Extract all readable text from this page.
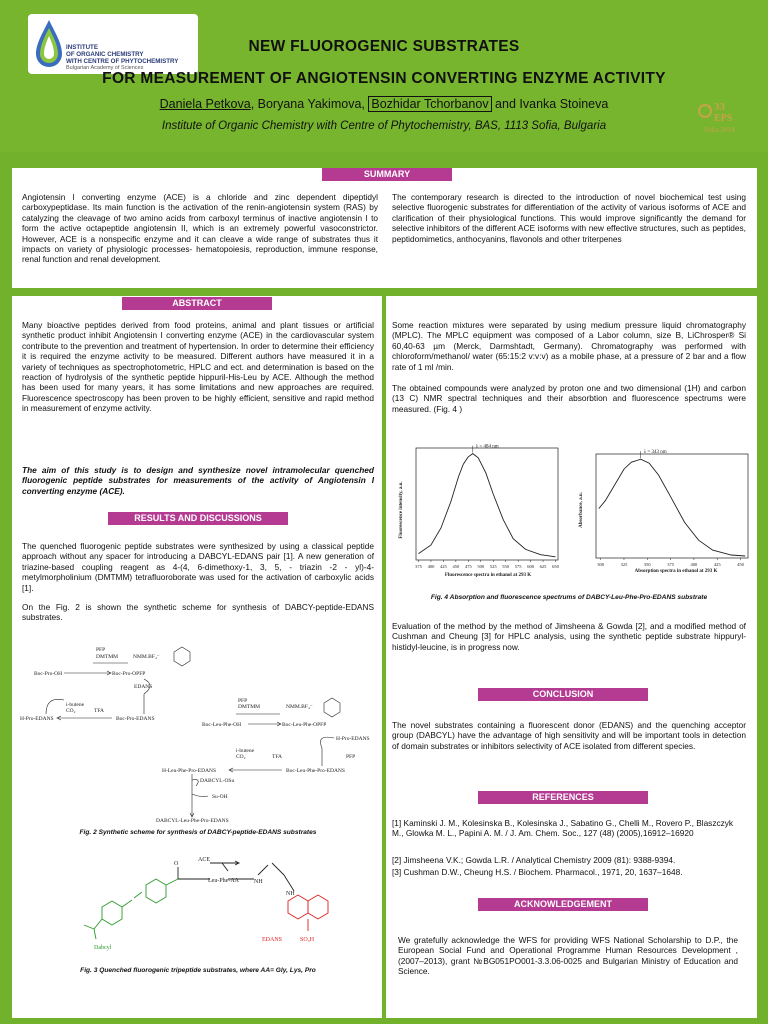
INSTITUTE
OF ORGANIC CHEMISTRY
WITH CENTRE OF PHYTOCHEMISTRY
Bulgarian Academy of Sciences
NEW FLUOROGENIC SUBSTRATES
FOR MEASUREMENT OF ANGIOTENSIN CONVERTING ENZYME ACTIVITY
Daniela Petkova, Boryana Yakimova, Bozhidar Tchorbanov and Ivanka Stoineva
Institute of Organic Chemistry with Centre of Phytochemistry, BAS, 1113 Sofia, Bulgaria
33
EPS
Sofia 2014
SUMMARY

Angiotensin I converting enzyme (ACE) is a chloride and zinc dependent dipeptidyl carboxypeptidase. Its main function is the activation of the renin-angiotensin system (RAS) by catalyzing the cleavage of two amino acids from carboxyl terminus of inactive angiotensin I to form the active octapeptide angiotensin II, which is an extremely powerful vasoconstrictor. However, ACE is a nonspecific enzyme and it can cleave a wide range of substrates thus it impacts on variety of physiologic processes- hematopoiesis, reproduction, immune response, renal function and renal development.

The contemporary research is directed to the introduction of novel biochemical test using selective fluorogenic substrates for differentiation of the activity of various isoforms of ACE and clarification of their physiological functions. This would improve significantly the demand for selective inhibitors of the different ACE isoforms with new effective structures, such as peptides, peptidomimetics, anthocyanins, flavonols and other triterpenes

ABSTRACT

Many bioactive peptides derived from food proteins, animal and plant tissues or artificial synthetic product inhibit Angiotensin I converting enzyme (ACE) in the cardiovascular system contribute to the prevention and treatment of hypertension. In order to determine their efficiency it is required the enzyme activity to be measured. Different authors have measured it in a variety of techniques as spectrophotometric, HPLC and ect. and determination is based on the reaction of hydrolysis of the synthetic peptide hippuril-His-Leu by ACE. Although the method has been used for many years, it has some limitations and new approaches are required. Fluorescence spectroscopy has been proven to be highly efficient, sensitive and rapid method in measurement of enzyme activity.

The aim of this study is to design and synthesize novel intramolecular quenched fluorogenic peptide substrates for measurements of the activity of Angiotensin I converting enzyme (ACE).

RESULTS AND DISCUSSIONS

The quenched fluorogenic peptide substrates were synthesized by using a classical peptide approach without any spacer for introducing a DABCYL-EDANS pair [1]. A new generation of triazine-based coupling reagent as 4-(4, 6-dimethoxy-1, 3, 5, - triazin -2 - yl)-4-metylmorpholinium (DMTMM) tetrafluoroborate was used for the activation of carboxylic acids [1].

On the Fig. 2 is shown the synthetic scheme for synthesis of DABCY-peptide-EDANS substrates.

Boc-Pro-OH
PFP
DMTMM	NMM.BF₄⁻
Boc-Pro-OPFP
EDANS
i-butene
CO₂	TFA
H-Pro-EDANS	Boc-Pro-EDANS
PFP
DMTMM	NMM.BF₄⁻
Boc-Leu-Phe-OH	Boc-Leu-Phe-OPFP
H-Pro-EDANS
i-butene
CO₂	TFA	PFP
H-Leu-Phe-Pro-EDANS	Boc-Leu-Phe-Pro-EDANS
DABCYL-OSu
Su-OH
DABCYL-Leu-Phe-Pro-EDANS
Fig. 2 Synthetic scheme for synthesis of DABCY-peptide-EDANS substrates
O
ACE
Leu-Phe-AA	NH
NH
Dabcyl
EDANS	SO₃H
Fig. 3 Quenched fluorogenic tripeptide substrates, where AA= Gly, Lys, Pro

Some reaction mixtures were separated by using medium pressure liquid chromatography (MPLC). The MPLC equipment was composed of a Labor column, size B, LiChrosper® Si 60,40-63 µm (Merck, Darmshtadt, Germany). Chromatography was performed with chloroform/methanol/ water (65:15:2 v:v:v) as a mobile phase, at a pressure of 2 bar and a flow rate of 1 ml /min.

The obtained compounds were analyzed by proton one and two dimensional (1H) and carbon (13 C) NMR spectral techniques and their absorbtion and fluorescence spectrums were measured. (Fig. 4 )

375 400 425 450 475 500 525 550 575 600 625 650
λ = 484 nm
Fluorescence spectra in ethanol at 293 K
Fluorescence intensity, a.u.
300	325	350	375	400	425	450
λ = 343 nm
Absorption spectra in ethanol at 293 K
Absorbance, a.u.
Fig. 4 Absorption and fluorescence spectrums of DABCY-Leu-Phe-Pro-EDANS substrate

Evaluation of the method by the method of Jimsheena & Gowda [2], and a modified method of Cushman and Cheung [3] for HPLC analysis, using the synthetic peptide substrate hippuryl-histidyl-leucine, is in progress now.

CONCLUSION

The novel substrates containing a fluorescent donor (EDANS) and the quenching acceptor group (DABCYL) have the advantage of high sensitivity and will be important tools in detection of domain substrates or inhibitors selectivity of ACE isolated from different species.

REFERENCES

[1] Kaminski J. M., Kolesinska B., Kolesinska J., Sabatino G., Chelli M., Rovero P., Blaszczyk M., Glowka M. L., Papini A. M. / J. Am. Chem. Soc., 127 (48) (2005),16912–16920

[2] Jimsheena V.K.; Gowda L.R. / Analytical Chemistry 2009 (81): 9388-9394.

[3] Cushman D.W., Cheung H.S. / Biochem. Pharmacol., 1971, 20, 1637–1648.

ACKNOWLEDGEMENT

We gratefully acknowledge the WFS for providing WFS National Scholarship to D.P., the European Social Fund and Operational Programme Human Resources Development , (2007–2013), grant №BG051PO001-3.3.06-0025 and Bulgarian Ministry of Education and Science.
